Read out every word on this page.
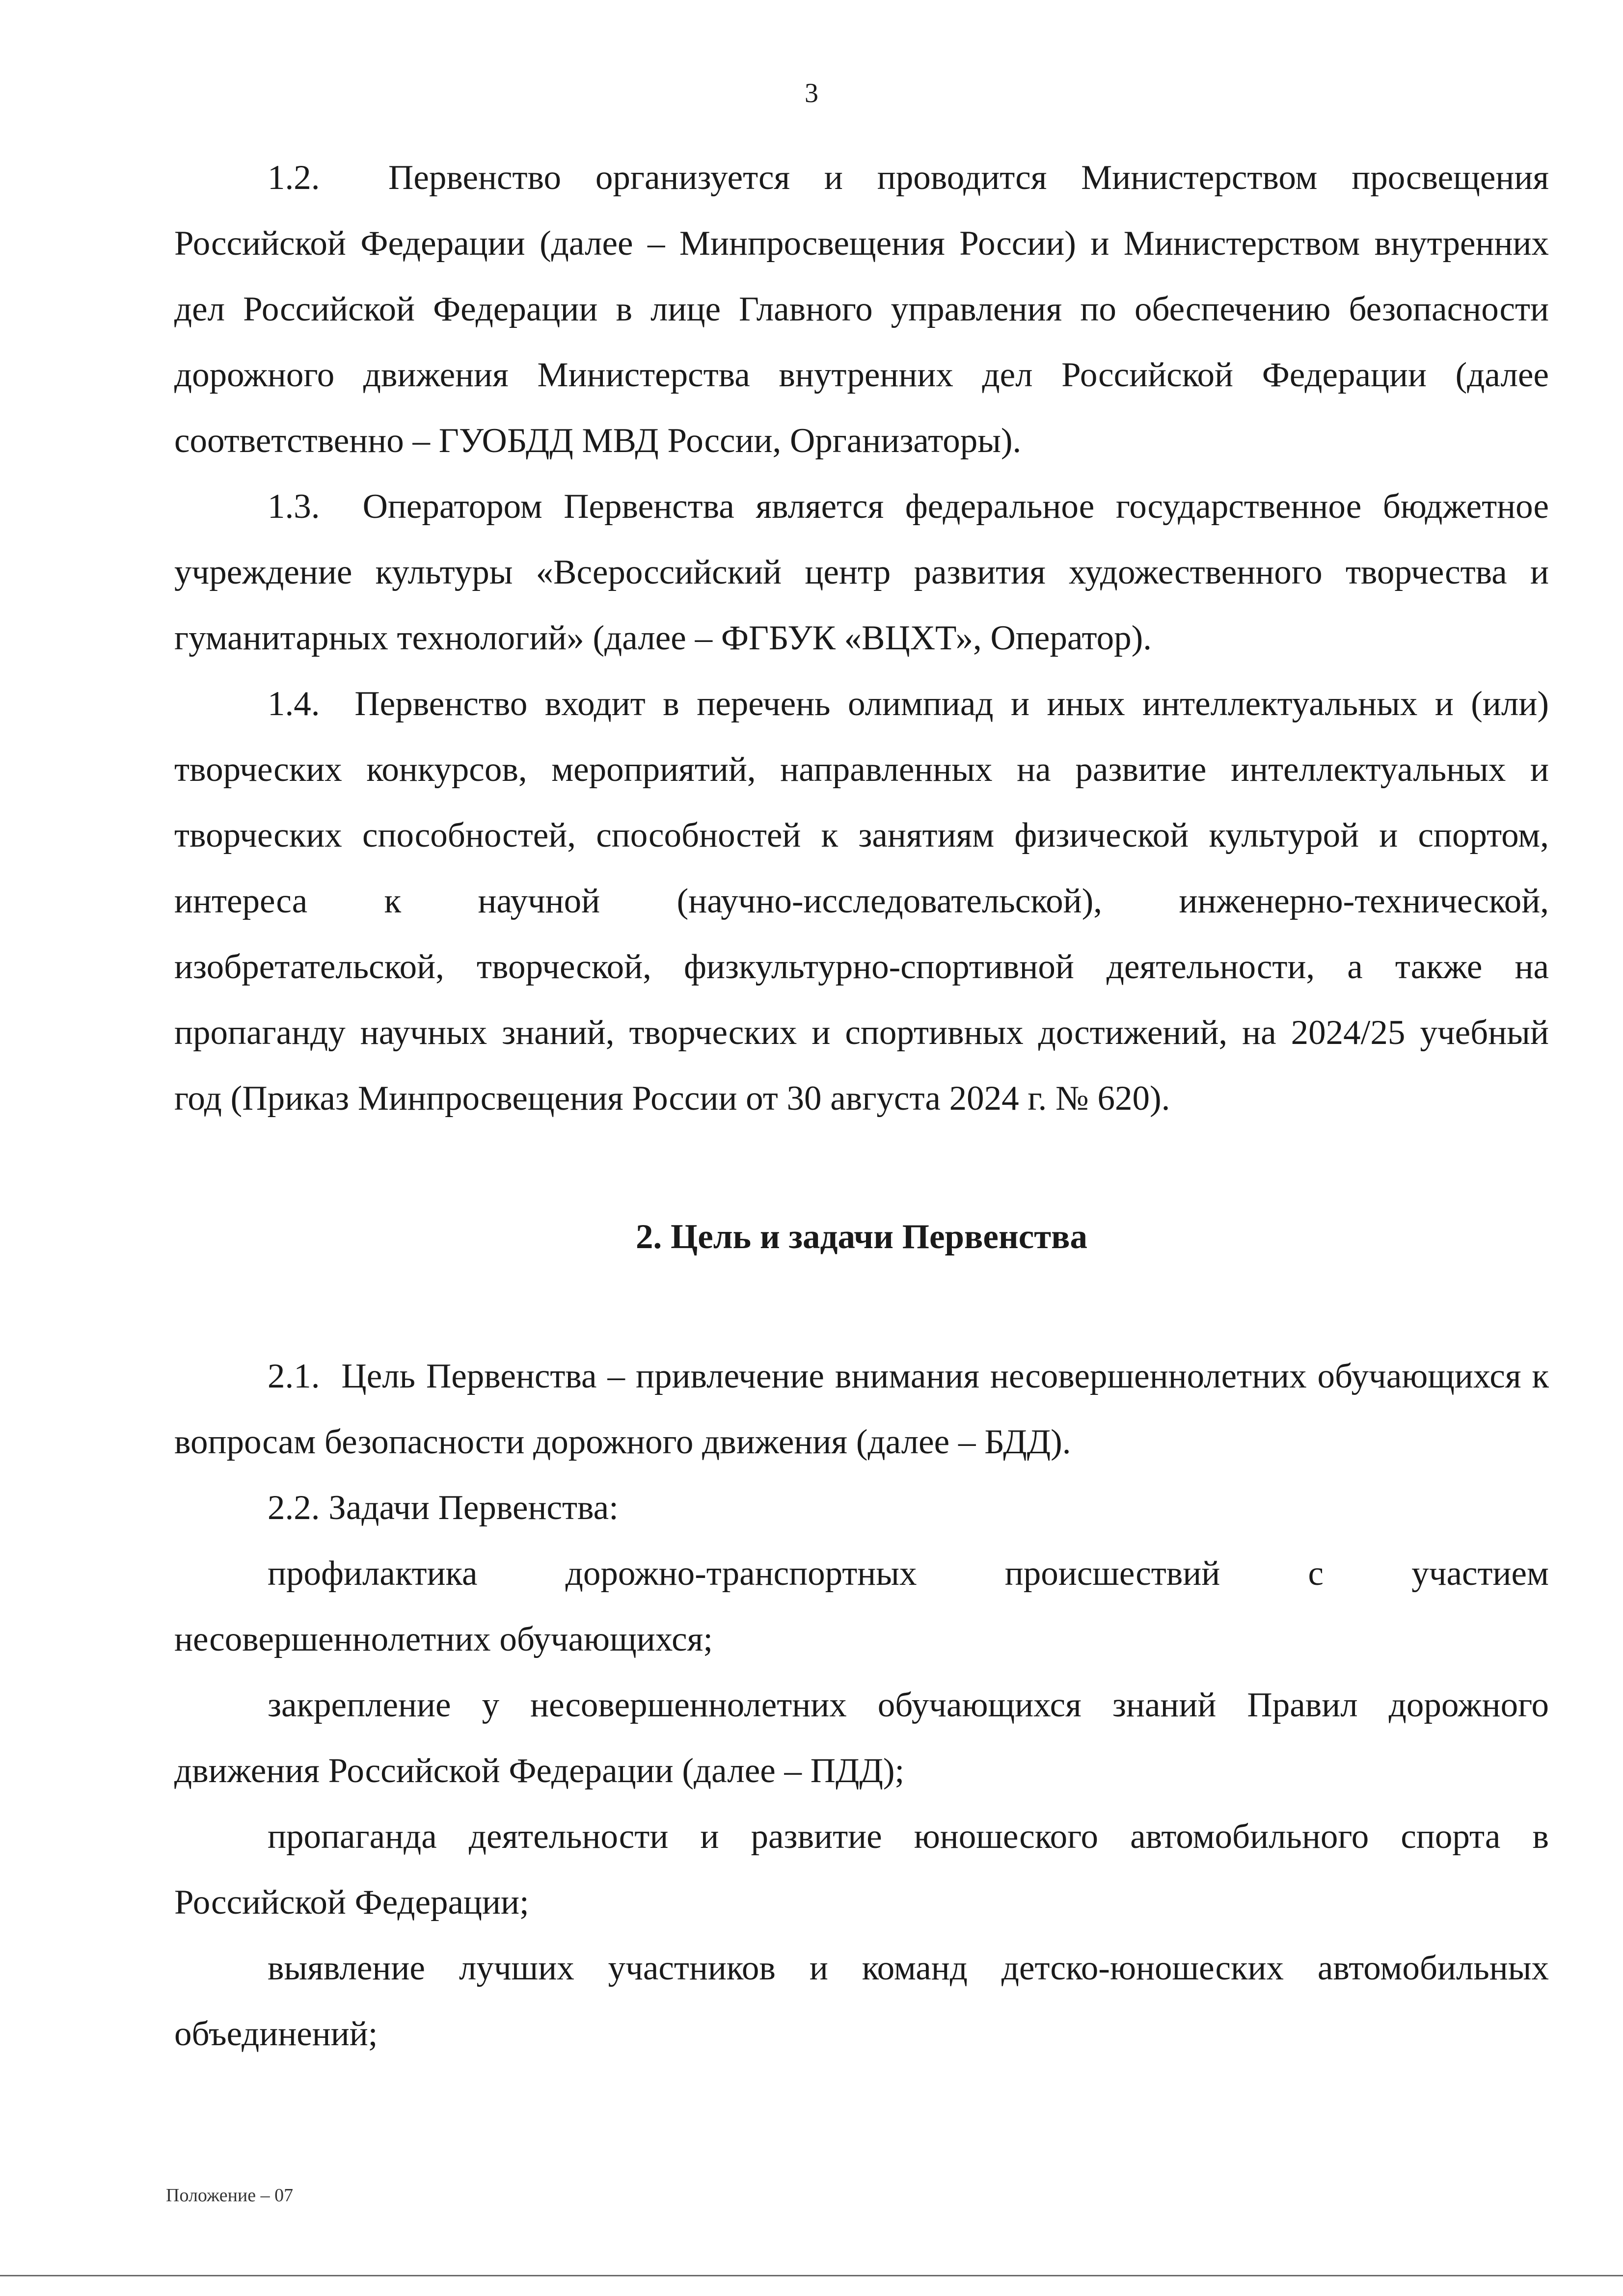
3

1.2.  Первенство организуется и проводится Министерством просвещения Российской Федерации (далее – Минпросвещения России) и Министерством внутренних дел Российской Федерации в лице Главного управления по обеспечению безопасности дорожного движения Министерства внутренних дел Российской Федерации (далее соответственно – ГУОБДД МВД России, Организаторы).

1.3.  Оператором Первенства является федеральное государственное бюджетное учреждение культуры «Всероссийский центр развития художественного творчества и гуманитарных технологий» (далее – ФГБУК «ВЦХТ», Оператор).

1.4.  Первенство входит в перечень олимпиад и иных интеллектуальных и (или) творческих конкурсов, мероприятий, направленных на развитие интеллектуальных и творческих способностей, способностей к занятиям физической культурой и спортом, интереса к научной (научно-исследовательской), инженерно-технической, изобретательской, творческой, физкультурно-спортивной деятельности, а также на пропаганду научных знаний, творческих и спортивных достижений, на 2024/25 учебный год (Приказ Минпросвещения России от 30 августа 2024 г. № 620).

2. Цель и задачи Первенства

2.1.  Цель Первенства – привлечение внимания несовершеннолетних обучающихся к вопросам безопасности дорожного движения (далее – БДД).

2.2. Задачи Первенства:

профилактика дорожно-транспортных происшествий с участием несовершеннолетних обучающихся;

закрепление у несовершеннолетних обучающихся знаний Правил дорожного движения Российской Федерации (далее – ПДД);

пропаганда деятельности и развитие юношеского автомобильного спорта в Российской Федерации;

выявление лучших участников и команд детско-юношеских автомобильных объединений;

Положение – 07
